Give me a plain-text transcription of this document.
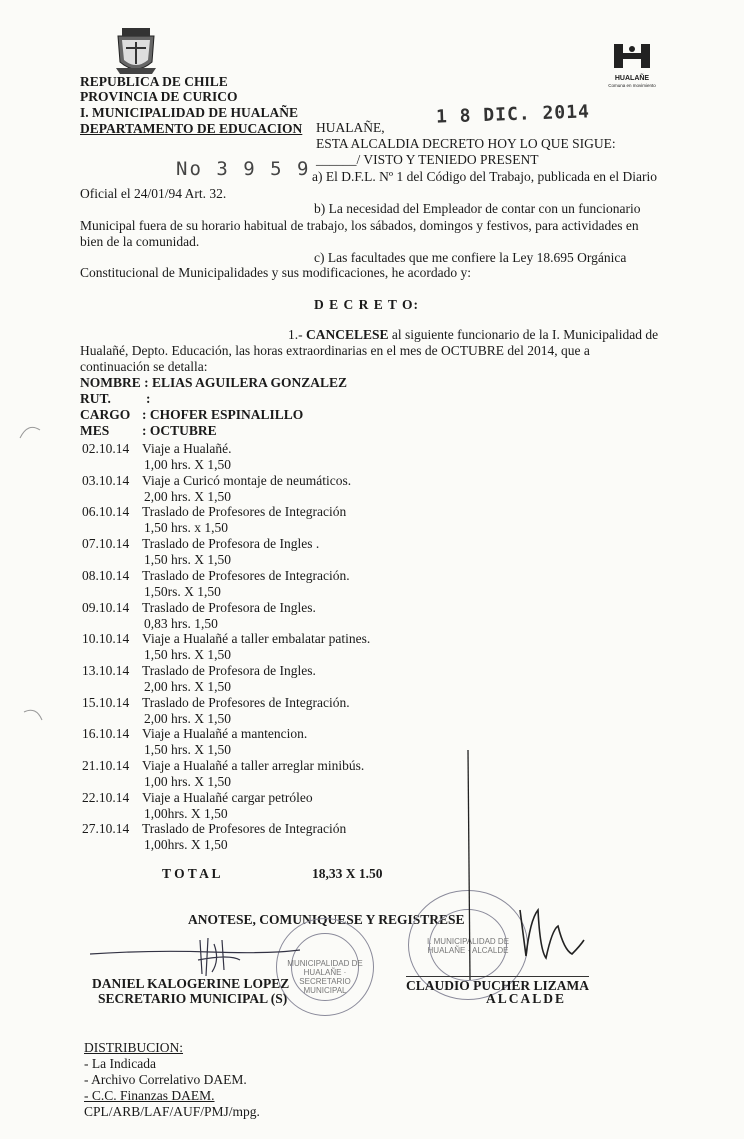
HUALAÑE
Comuna en movimiento
REPUBLICA DE CHILE
PROVINCIA DE CURICO
I. MUNICIPALIDAD DE HUALAÑE
DEPARTAMENTO DE EDUCACION
1 8 DIC. 2014
HUALAÑE,
ESTA ALCALDIA DECRETO HOY LO QUE SIGUE:
______/ VISTO Y TENIEDO PRESENT
No 3 9 5 9 a) El D.F.L. Nº 1 del Código del Trabajo, publicada en el Diario
Oficial el 24/01/94 Art. 32.
b) La necesidad del Empleador de contar con un funcionario
Municipal fuera de su horario habitual de trabajo, los sábados, domingos y festivos, para actividades en
bien de la comunidad.
c) Las facultades que me confiere la Ley 18.695 Orgánica
Constitucional de Municipalidades y sus modificaciones, he acordado y:
D E C R E T O:
1.- CANCELESE al siguiente funcionario de la I. Municipalidad de
Hualañé, Depto. Educación, las horas extraordinarias en el mes de OCTUBRE del 2014, que a
continuación se detalla:
NOMBRE : ELIAS AGUILERA GONZALEZ
RUT.	:
CARGO : CHOFER ESPINALILLO
MES : OCTUBRE
02.10.14 Viaje a Hualañé.
1,00 hrs. X 1,50
03.10.14 Viaje a Curicó montaje de neumáticos.
2,00 hrs. X 1,50
06.10.14 Traslado de Profesores de Integración
1,50 hrs. x 1,50
07.10.14 Traslado de Profesora de Ingles .
1,50 hrs. X 1,50
08.10.14 Traslado de Profesores de Integración.
1,50rs. X 1,50
09.10.14 Traslado de Profesora de Ingles.
0,83 hrs. 1,50
10.10.14 Viaje a Hualañé a taller embalatar patines.
1,50 hrs. X 1,50
13.10.14 Traslado de Profesora de Ingles.
2,00 hrs. X 1,50
15.10.14 Traslado de Profesores de Integración.
2,00 hrs. X 1,50
16.10.14 Viaje a Hualañé a mantencion.
1,50 hrs. X 1,50
21.10.14 Viaje a Hualañé a taller arreglar minibús.
1,00 hrs. X 1,50
22.10.14 Viaje a Hualañé cargar petróleo
1,00hrs. X 1,50
27.10.14 Traslado de Profesores de Integración
1,00hrs. X 1,50
T O T A L	18,33 X 1.50
ANOTESE, COMUNIQUESE Y REGISTRESE
MUNICIPALIDAD DE HUALAÑE · SECRETARIO MUNICIPAL
I. MUNICIPALIDAD DE HUALAÑE · ALCALDE
DANIEL KALOGERINE LOPEZ
SECRETARIO MUNICIPAL (S)
CLAUDIO PUCHER LIZAMA
ALCALDE
DISTRIBUCION:
- La Indicada
- Archivo Correlativo DAEM.
- C.C. Finanzas DAEM.
CPL/ARB/LAF/AUF/PMJ/mpg.
